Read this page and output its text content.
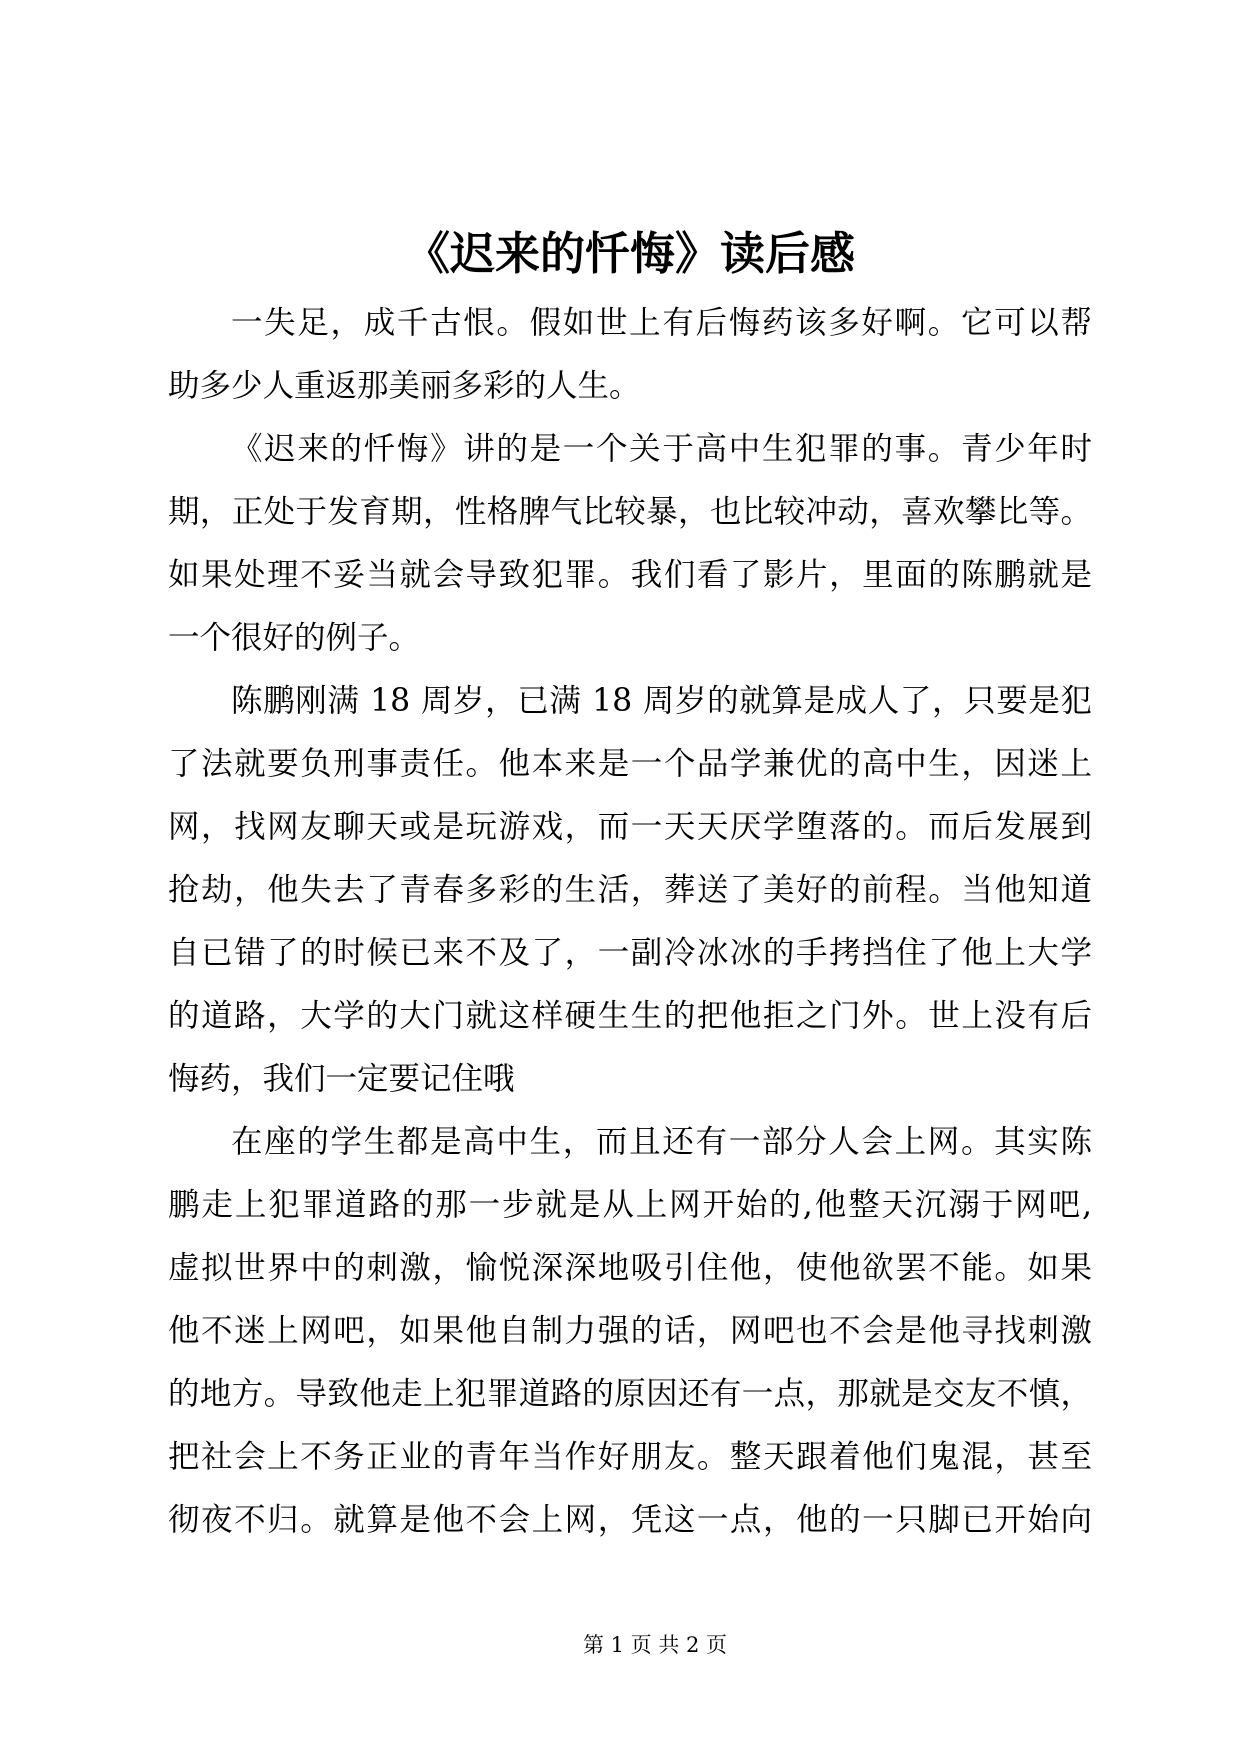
《迟来的忏悔》读后感
一失足，成千古恨。假如世上有后悔药该多好啊。它可以帮
助多少人重返那美丽多彩的人生。
《迟来的忏悔》讲的是一个关于高中生犯罪的事。青少年时
期，正处于发育期，性格脾气比较暴，也比较冲动，喜欢攀比等。
如果处理不妥当就会导致犯罪。我们看了影片，里面的陈鹏就是
一个很好的例子。
陈鹏刚满 18 周岁，已满 18 周岁的就算是成人了，只要是犯
了法就要负刑事责任。他本来是一个品学兼优的高中生，因迷上
网，找网友聊天或是玩游戏，而一天天厌学堕落的。而后发展到
抢劫，他失去了青春多彩的生活，葬送了美好的前程。当他知道
自已错了的时候已来不及了，一副冷冰冰的手拷挡住了他上大学
的道路，大学的大门就这样硬生生的把他拒之门外。世上没有后
悔药，我们一定要记住哦
在座的学生都是高中生，而且还有一部分人会上网。其实陈
鹏走上犯罪道路的那一步就是从上网开始的,他整天沉溺于网吧,
虚拟世界中的刺激，愉悦深深地吸引住他，使他欲罢不能。如果
他不迷上网吧，如果他自制力强的话，网吧也不会是他寻找刺激
的地方。导致他走上犯罪道路的原因还有一点，那就是交友不慎，
把社会上不务正业的青年当作好朋友。整天跟着他们鬼混，甚至
彻夜不归。就算是他不会上网，凭这一点，他的一只脚已开始向
第 1 页 共 2 页
